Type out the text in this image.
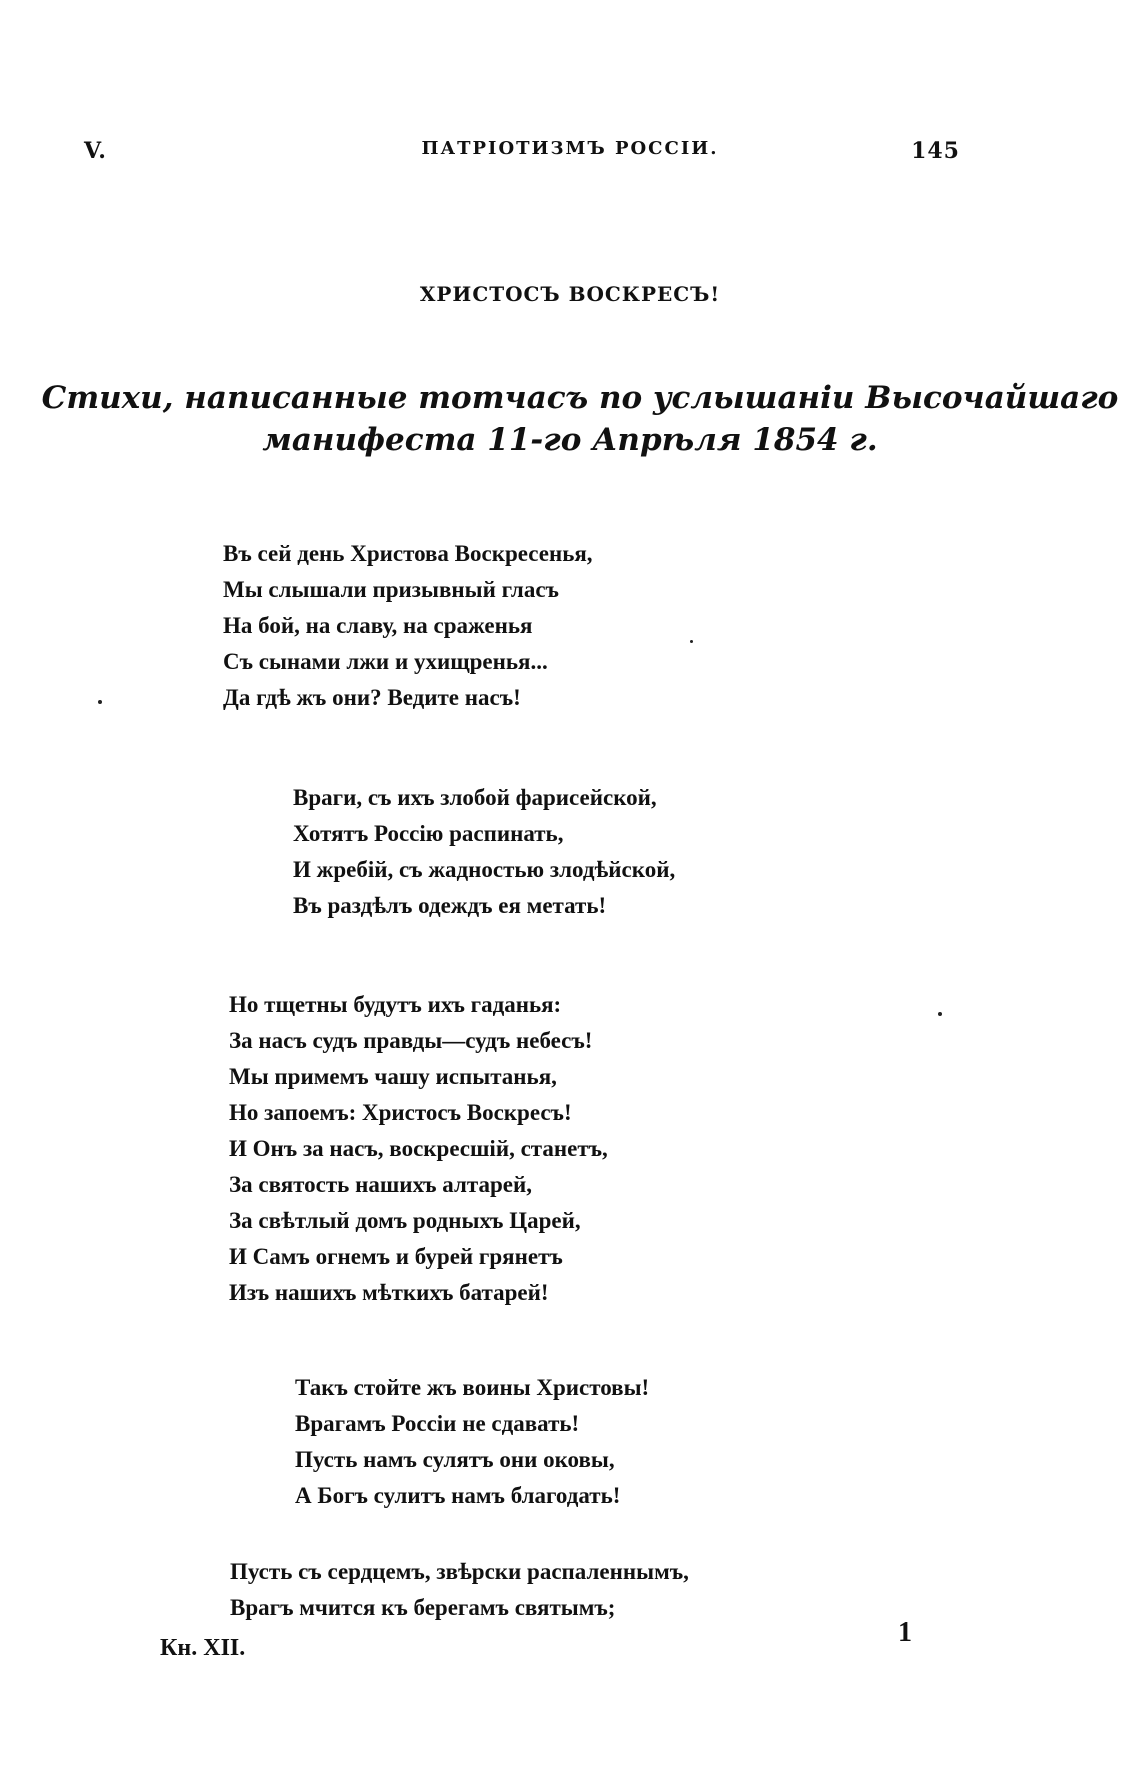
V.	ПАТРІОТИЗМЪ РОССІИ.	145
ХРИСТОСЪ ВОСКРЕСЪ!
Стихи, написанные тотчасъ по услышаніи Высочайшаго
манифеста 11-го Апрѣля 1854 г.
Въ сей день Христова Воскресенья,
Мы слышали призывный гласъ
На бой, на славу, на сраженья
Съ сынами лжи и ухищренья...
Да гдѣ жъ они? Ведите насъ!
Враги, съ ихъ злобой фарисейской,
Хотятъ Россію распинать,
И жребій, съ жадностью злодѣйской,
Въ раздѣлъ одеждъ ея метать!
Но тщетны будутъ ихъ гаданья:
За насъ судъ правды—судъ небесъ!
Мы примемъ чашу испытанья,
Но запоемъ: Христосъ Воскресъ!
И Онъ за насъ, воскресшій, станетъ,
За святость нашихъ алтарей,
За свѣтлый домъ родныхъ Царей,
И Самъ огнемъ и бурей грянетъ
Изъ нашихъ мѣткихъ батарей!
Такъ стойте жъ воины Христовы!
Врагамъ Россіи не сдавать!
Пусть намъ сулятъ они оковы,
А Богъ сулитъ намъ благодать!
Пусть съ сердцемъ, звѣрски распаленнымъ,
Врагъ мчится къ берегамъ святымъ;
Кн. XII.	1
